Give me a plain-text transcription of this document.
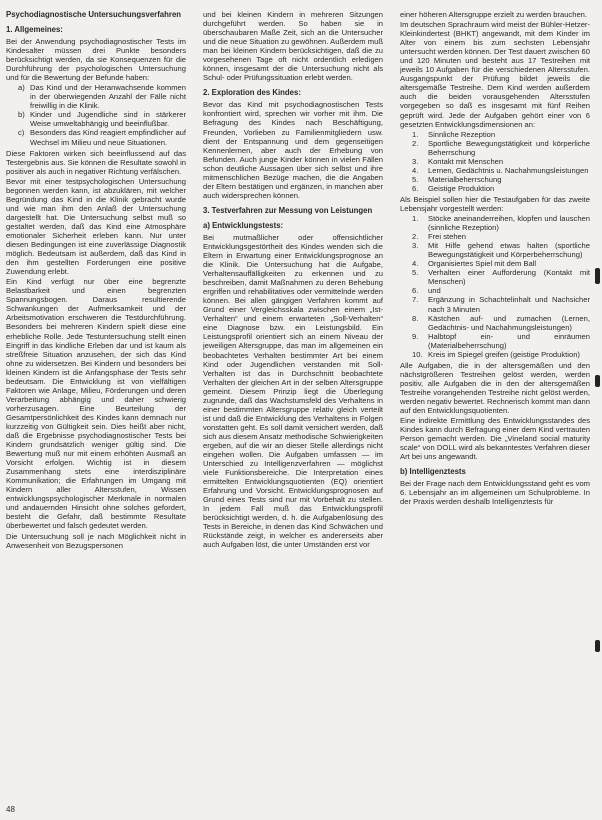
Psychodiagnostische Untersuchungsverfahren
1. Allgemeines:

Bei der Anwendung psychodiagnostischer Tests im Kindesalter müssen drei Punkte besonders berücksichtigt werden, da sie Konsequenzen für die Durchführung der psychologischen Untersuchung und für die Bewertung der Befunde haben:

a) Das Kind und der Heranwachsende kommen in der überwiegenden Anzahl der Fälle nicht freiwillig in die Klinik.
b) Kinder und Jugendliche sind in stärkerer Weise umweltabhängig und beeinflußbar.
c) Besonders das Kind reagiert empfindlicher auf Wechsel im Milieu und neue Situationen.

Diese Faktoren wirken sich beeinflussend auf das Testergebnis aus. Sie können die Resultate sowohl in positiver als auch in negativer Richtung verfälschen.

Bevor mit einer testpsychologischen Untersuchung begonnen werden kann, ist abzuklären, mit welcher Begründung das Kind in die Klinik gebracht wurde und wie man ihm den Anlaß der Untersuchung dargestellt hat. Die Untersuchung selbst muß so gestaltet werden, daß das Kind eine Atmosphäre emotionaler Sicherheit erleben kann. Nur unter diesen Bedingungen ist eine zuverlässige Diagnostik möglich. Bedeutsam ist außerdem, daß das Kind in den ihm gestellten Forderungen eine positive Zuwendung erlebt.

Ein Kind verfügt nur über eine begrenzte Belastbarkeit und einen begrenzten Spannungsbogen. Daraus resultierende Schwankungen der Aufmerksamkeit und der Arbeitsmotivation erschweren die Testdurchführung. Besonders bei mehreren Kindern spielt diese eine erhebliche Rolle. Jede Testuntersuchung stellt einen Eingriff in das kindliche Erleben dar und ist kaum als streßfreie Situation anzusehen, der sich das Kind ohne zu widersetzen. Bei Kindern und besonders bei kleinen Kindern ist die Anfangsphase der Tests sehr bedeutsam. Die Entwicklung ist von vielfältigen Faktoren wie Anlage, Milieu, Förderungen und deren Verarbeitung abhängig und daher schwierig vorherzusagen. Eine Beurteilung der Gesamtpersönlichkeit des Kindes kann demnach nur kurzzeitig von Gültigkeit sein. Dies heißt aber nicht, daß die Ergebnisse psychodiagnostischer Tests bei Kindern grundsätzlich weniger gültig sind. Die Bewertung muß nur mit einem erhöhten Ausmaß an Vorsicht erfolgen. Wichtig ist in diesem Zusammenhang stets eine interdisziplinäre Kommunikation; die Erfahrungen im Umgang mit Kindern aller Altersstufen, Wissen entwicklungspsychologischer Merkmale in normalen und andauernden Hinsicht ohne solches gefordert, besteht die Gefahr, daß bestimmte Resultate überbewertet und falsch gedeutet werden.

Die Untersuchung soll je nach Möglichkeit nicht in Anwesenheit von Bezugspersonen

und bei kleinen Kindern in mehreren Sitzungen durchgeführt werden. So haben sie in überschaubaren Maße Zeit, sich an die Untersucher und die neue Situation zu gewöhnen. Außerdem muß man bei kleinen Kindern berücksichtigen, daß die zu vorgesehenen Tage oft nicht ordentlich erledigen können, insgesamt der die Untersuchung nicht als Schul- oder Prüfungssituation erlebt werden.

2. Exploration des Kindes:

Bevor das Kind mit psychodiagnostischen Tests konfrontiert wird, sprechen wir vorher mit ihm. Die Befragung des Kindes nach Beschäftigung, Freunden, Vorlieben zu Familienmitgliedern usw. dient der Entspannung und dem gegenseitigen Kennenlernen, aber auch der Erhebung von Befunden. Auch junge Kinder können in vielen Fällen schon deutliche Aussagen über sich selbst und ihre mitmenschlichen Bezüge machen, die die Angaben der Eltern bestätigen und ergänzen, in manchen aber auch widersprechen können.

3. Testverfahren zur Messung von Leistungen
a) Entwicklungstests:

Bei mutmaßlicher oder offensichtlicher Entwicklungsgestörtheit des Kindes wenden sich die Eltern in Erwartung einer Entwicklungsprognose an die Klinik. Die Untersuchung hat die Aufgabe, Verhaltensauffälligkeiten zu erkennen und zu beschreiben, damit Maßnahmen zu deren Behebung ergriffen und rehabilitatives oder vermittelnde werden können. Bei allen gängigen Verfahren kommt auf Grund einer Vergleichsskala zwischen einem „Ist-Verhalten“ und einem erwarteten „Soll-Verhalten“ eine Diagnose bzw. ein Leistungsbild. Ein Leistungsprofil orientiert sich an einem Niveau der jeweiligen Altersgruppe, das man im allgemeinen ein beobachtetes Verhalten bestimmter Art bei einem Kind oder Jugendlichen verstanden mit Soll-Verhalten ist das in Durchschnitt beobachtete Verhalten der gleichen Art in der selben Altersgruppe gemeint. Diesem Prinzip liegt die Überlegung zugrunde, daß das Wachstumsfeld des Verhaltens in einer bestimmten Altersgruppe relativ gleich verteilt ist und daß die Entwicklung des Verhaltens in Folgen vonstatten geht. Es soll damit versichert werden, daß sich aus diesem Ansatz methodische Schwierigkeiten ergeben, auf die wir an dieser Stelle allerdings nicht eingehen wollen. Die Aufgaben umfassen — im Unterschied zu Intelligenzverfahren — möglichst viele Funktionsbereiche. Die Interpretation eines ermittelten Entwicklungsquotienten (EQ) orientiert Erfahrung und Vorsicht. Entwicklungsprognosen auf Grund eines Tests sind nur mit Vorbehalt zu stellen. In jedem Fall muß das Entwicklungsprofil berücksichtigt werden, d. h. die Aufgabenlösung des Tests in Bereiche, in denen das Kind Schwächen und Rückstände zeigt, in welcher es andererseits aber auch Aufgaben löst, die unter Umständen erst vor

einer höheren Altersgruppe erzielt zu werden brauchen.

Im deutschen Sprachraum wird meist der Bühler-Hetzer-Kleinkindertest (BHKT) angewandt, mit dem Kinder im Alter von einem bis zum sechsten Lebensjahr untersucht werden können. Der Test dauert zwischen 60 und 120 Minuten und besteht aus 17 Testreihen mit jeweils 10 Aufgaben für die verschiedenen Altersstufen. Ausgangspunkt der Prüfung bildet jeweils die altersgemäße Testreihe. Dem Kind werden außerdem auch die beiden vorausgehenden Altersstufen vorgegeben so daß es insgesamt mit fünf Reihen geprüft wird. Jede der Aufgaben gehört einer von 6 gesetzten Entwicklungsdimensionen an:

1.	Sinnliche Rezeption
2.	Sportliche Bewegungstätigkeit und körperliche Beherrschung
3.	Kontakt mit Menschen
4.	Lernen, Gedächtnis u. Nachahmungsleistungen
5.	Materialbeherrschung
6.	Geistige Produktion

Als Beispiel sollen hier die Testaufgaben für das zweite Lebensjahr vorgestellt werden:

1.	Stöcke aneinanderreihen, klopfen und lauschen (sinnliche Rezeption)
2.	Frei stehen
3.	Mit Hilfe gehend etwas halten (sportliche Bewegungstätigkeit und Körperbeherrschung)
4.	Organisiertes Spiel mit dem Ball
5.	Verhalten einer Aufforderung (Kontakt mit Menschen)
6.	und
7.	Ergänzung in Schachtelinhalt und Nachsicher nach 3 Minuten
8.	Kästchen auf- und zumachen (Lernen, Gedächtnis- und Nachahmungsleistungen)
9.	Halbtopf ein- und einräumen (Materialbeherrschung)
10. Kreis im Spiegel greifen (geistige Produktion)

Alle Aufgaben, die in der altersgemäßen und den nächstgrößeren Testreihen gelöst werden, werden positiv, alle Aufgaben die in den der altersgemäßen Testreihe vorangehenden Testreihe nicht gelöst werden, werden negativ bewertet. Rechnerisch kommt man dann auf den Entwicklungsquotienten.

Eine indirekte Ermittlung des Entwicklungsstandes des Kindes kann durch Befragung einer dem Kind vertrauten Person gemacht werden. Die „Vineland social maturity scale“ von DOLL wird als bekanntestes Verfahren dieser Art bei uns angewandt.

b) Intelligenztests

Bei der Frage nach dem Entwicklungsstand geht es vom 6. Lebensjahr an im allgemeinen um Schulprobleme. In der Praxis werden deshalb Intelligenztests für

48
